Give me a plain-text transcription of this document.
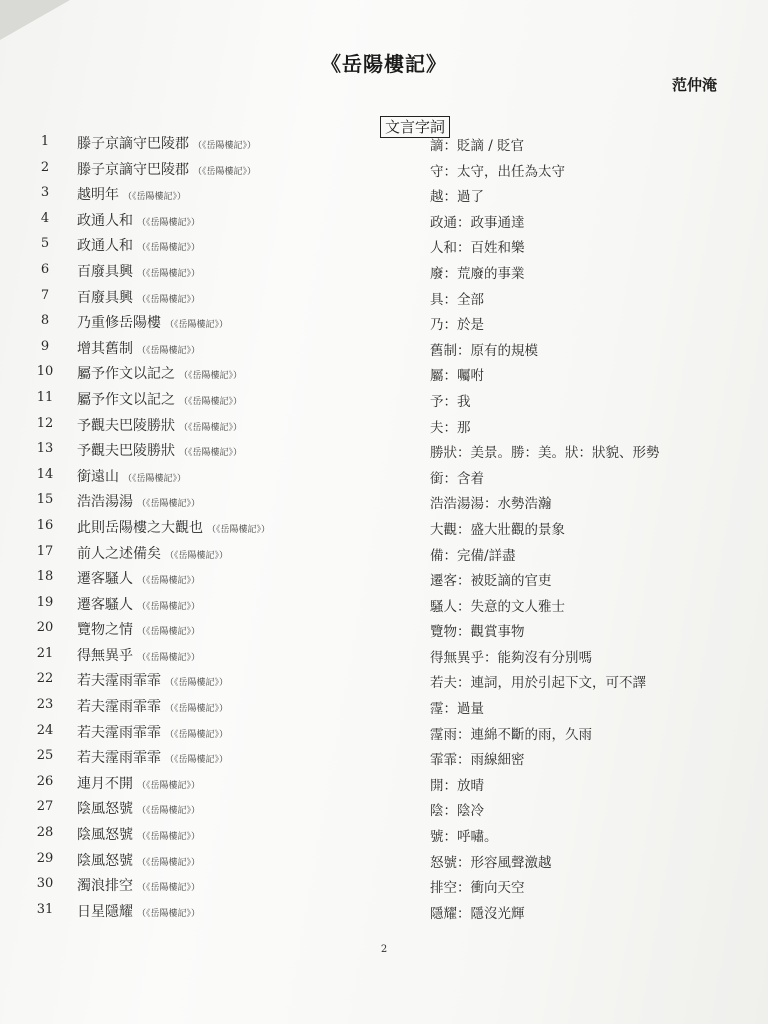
《岳陽樓記》
范仲淹
文言字詞
1	滕子京謫守巴陵郡 （《岳陽樓記》）	謫：貶謫 / 貶官
2	滕子京謫守巴陵郡 （《岳陽樓記》）	守：太守，出任為太守
3	越明年 （《岳陽樓記》）	越：過了
4	政通人和 （《岳陽樓記》）	政通：政事通達
5	政通人和 （《岳陽樓記》）	人和：百姓和樂
6	百廢具興 （《岳陽樓記》）	廢：荒廢的事業
7	百廢具興 （《岳陽樓記》）	具：全部
8	乃重修岳陽樓 （《岳陽樓記》）	乃：於是
9	增其舊制 （《岳陽樓記》）	舊制：原有的規模
10	屬予作文以記之 （《岳陽樓記》）	屬：囑咐
11	屬予作文以記之 （《岳陽樓記》）	予：我
12	予觀夫巴陵勝狀 （《岳陽樓記》）	夫：那
13	予觀夫巴陵勝狀 （《岳陽樓記》）	勝狀：美景。勝：美。狀：狀貌、形勢
14	銜遠山 （《岳陽樓記》）	銜：含着
15	浩浩湯湯 （《岳陽樓記》）	浩浩湯湯：水勢浩瀚
16	此則岳陽樓之大觀也 （《岳陽樓記》）	大觀：盛大壯觀的景象
17	前人之述備矣 （《岳陽樓記》）	備：完備/詳盡
18	遷客騷人 （《岳陽樓記》）	遷客：被貶謫的官吏
19	遷客騷人 （《岳陽樓記》）	騷人：失意的文人雅士
20	覽物之情 （《岳陽樓記》）	覽物：觀賞事物
21	得無異乎 （《岳陽樓記》）	得無異乎：能夠沒有分別嗎
22	若夫霪雨霏霏 （《岳陽樓記》）	若夫：連詞，用於引起下文，可不譯
23	若夫霪雨霏霏 （《岳陽樓記》）	霪：過量
24	若夫霪雨霏霏 （《岳陽樓記》）	霪雨：連綿不斷的雨，久雨
25	若夫霪雨霏霏 （《岳陽樓記》）	霏霏：雨線細密
26	連月不開 （《岳陽樓記》）	開：放晴
27	陰風怒號 （《岳陽樓記》）	陰：陰冷
28	陰風怒號 （《岳陽樓記》）	號：呼嘯。
29	陰風怒號 （《岳陽樓記》）	怒號：形容風聲激越
30	濁浪排空 （《岳陽樓記》）	排空：衝向天空
31	日星隱耀 （《岳陽樓記》）	隱耀：隱沒光輝
2
